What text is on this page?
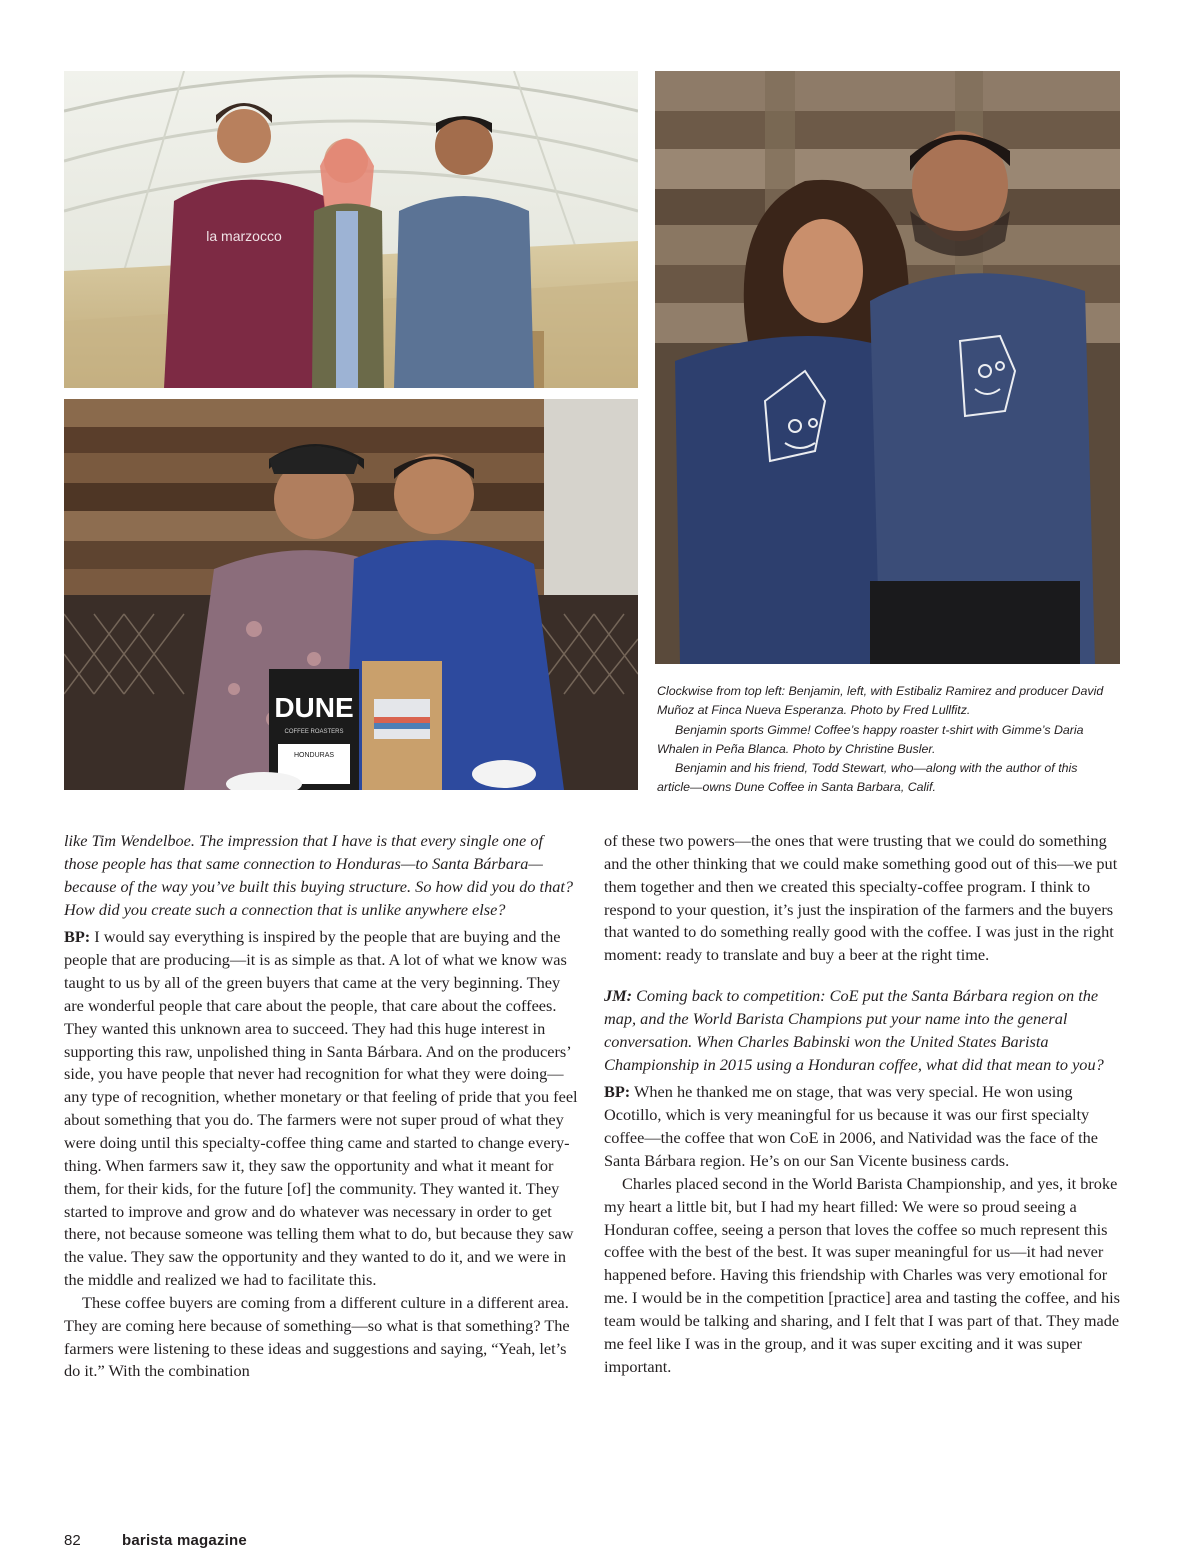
la marzocco
DUNE
COFFEE ROASTERS
HONDURAS

Clockwise from top left: Benjamin, left, with Estibaliz Ramirez and producer David Muñoz at Finca Nueva Esperanza. Photo by Fred Lullfitz.

Benjamin sports Gimme! Coffee’s happy roaster t-shirt with Gimme’s Daria Whalen in Peña Blanca. Photo by Christine Busler.

Benjamin and his friend, Todd Stewart, who—along with the author of this article—owns Dune Coffee in Santa Barbara, Calif.

like Tim Wendelboe. The impression that I have is that every single one of those people has that same connection to Honduras—to Santa Bárbara—because of the way you’ve built this buying structure. So how did you do that? How did you create such a connection that is unlike anywhere else?

BP: I would say everything is inspired by the people that are buying and the people that are producing—it is as simple as that. A lot of what we know was taught to us by all of the green buyers that came at the very beginning. They are wonderful people that care about the people, that care about the coffees. They wanted this unknown area to succeed. They had this huge interest in supporting this raw, unpolished thing in Santa Bárbara. And on the producers’ side, you have people that never had recognition for what they were doing—any type of recognition, whether monetary or that feeling of pride that you feel about something that you do. The farmers were not super proud of what they were doing until this specialty-coffee thing came and started to change everything. When farmers saw it, they saw the opportunity and what it meant for them, for their kids, for the future [of] the community. They wanted it. They started to improve and grow and do whatever was necessary in order to get there, not because someone was telling them what to do, but because they saw the value. They saw the opportunity and they wanted to do it, and we were in the middle and realized we had to facilitate this.

These coffee buyers are coming from a different culture in a different area. They are coming here because of something—so what is that something? The farmers were listening to these ideas and suggestions and saying, “Yeah, let’s do it.” With the combination

of these two powers—the ones that were trusting that we could do something and the other thinking that we could make something good out of this—we put them together and then we created this specialty-coffee program. I think to respond to your question, it’s just the inspiration of the farmers and the buyers that wanted to do something really good with the coffee. I was just in the right moment: ready to translate and buy a beer at the right time.

JM: Coming back to competition: CoE put the Santa Bárbara region on the map, and the World Barista Champions put your name into the general conversation. When Charles Babinski won the United States Barista Championship in 2015 using a Honduran coffee, what did that mean to you?

BP: When he thanked me on stage, that was very special. He won using Ocotillo, which is very meaningful for us because it was our first specialty coffee—the coffee that won CoE in 2006, and Natividad was the face of the Santa Bárbara region. He’s on our San Vicente business cards.

Charles placed second in the World Barista Championship, and yes, it broke my heart a little bit, but I had my heart filled: We were so proud seeing a Honduran coffee, seeing a person that loves the coffee so much represent this coffee with the best of the best. It was super meaningful for us—it had never happened before. Having this friendship with Charles was very emotional for me. I would be in the competition [practice] area and tasting the coffee, and his team would be talking and sharing, and I felt that I was part of that. They made me feel like I was in the group, and it was super exciting and it was super important.

82	barista magazine
